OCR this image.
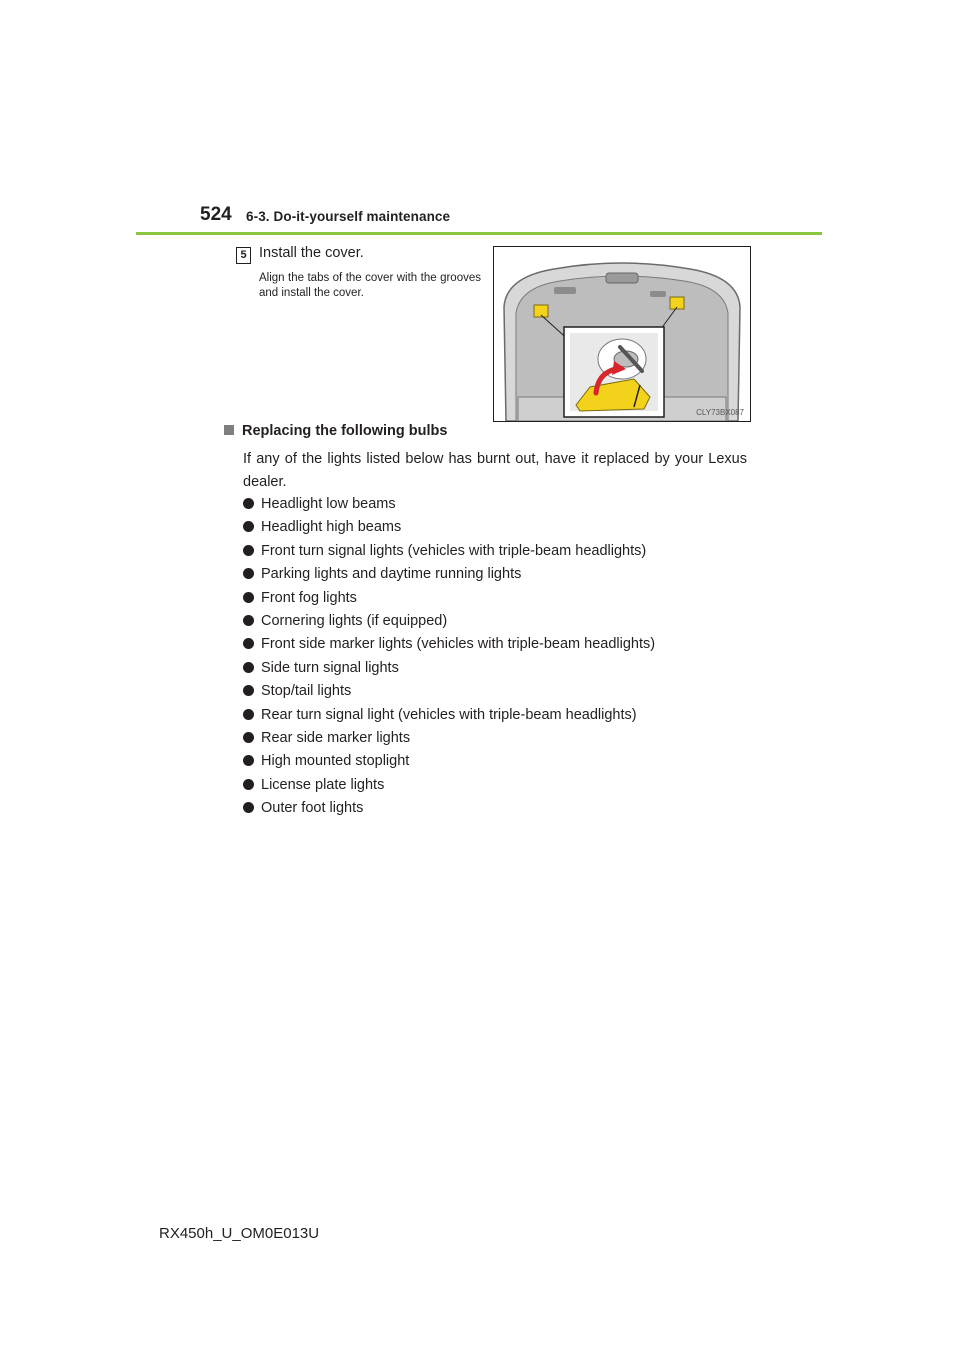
524 6-3. Do-it-yourself maintenance
5 Install the cover.
Align the tabs of the cover with the grooves and install the cover.
CLY73BX087
Replacing the following bulbs
If any of the lights listed below has burnt out, have it replaced by your Lexus dealer.
Headlight low beams
Headlight high beams
Front turn signal lights (vehicles with triple-beam headlights)
Parking lights and daytime running lights
Front fog lights
Cornering lights (if equipped)
Front side marker lights (vehicles with triple-beam headlights)
Side turn signal lights
Stop/tail lights
Rear turn signal light (vehicles with triple-beam headlights)
Rear side marker lights
High mounted stoplight
License plate lights
Outer foot lights
RX450h_U_OM0E013U
